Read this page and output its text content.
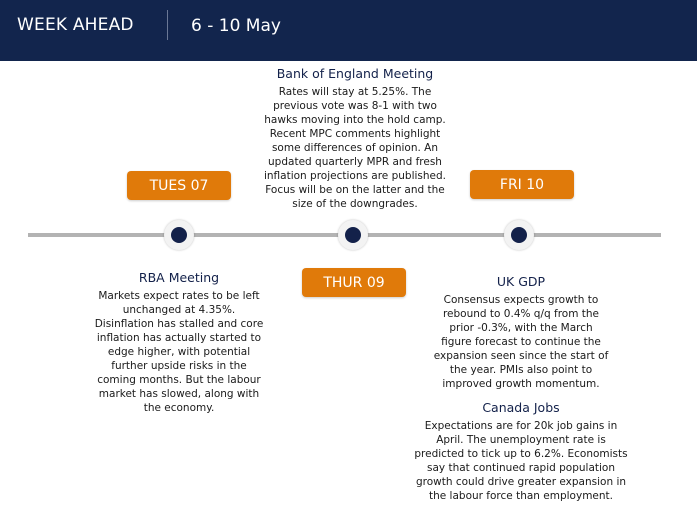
WEEK AHEAD	6 - 10 May
TUES 07
THUR 09
FRI 10
Bank of England Meeting
Rates will stay at 5.25%. The previous vote was 8-1 with two hawks moving into the hold camp. Recent MPC comments highlight some differences of opinion. An updated quarterly MPR and fresh inflation projections are published. Focus will be on the latter and the size of the downgrades.
RBA Meeting
Markets expect rates to be left unchanged at 4.35%. Disinflation has stalled and core inflation has actually started to edge higher, with potential further upside risks in the coming months. But the labour market has slowed, along with the economy.
UK GDP
Consensus expects growth to rebound to 0.4% q/q from the prior -0.3%, with the March figure forecast to continue the expansion seen since the start of the year. PMIs also point to improved growth momentum.
Canada Jobs
Expectations are for 20k job gains in April. The unemployment rate is predicted to tick up to 6.2%. Economists say that continued rapid population growth could drive greater expansion in the labour force than employment.
